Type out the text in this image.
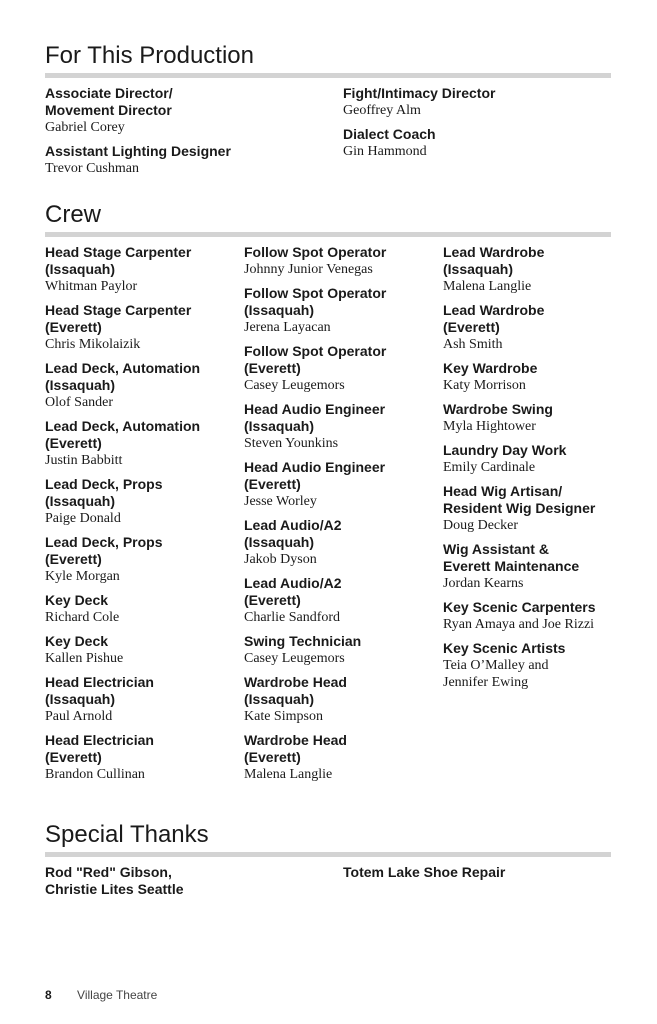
For This Production
Associate Director/
Movement Director
Gabriel Corey
Assistant Lighting Designer
Trevor Cushman
Fight/Intimacy Director
Geoffrey Alm
Dialect Coach
Gin Hammond
Crew
Head Stage Carpenter
(Issaquah)
Whitman Paylor
Head Stage Carpenter
(Everett)
Chris Mikolaizik
Lead Deck, Automation
(Issaquah)
Olof Sander
Lead Deck, Automation
(Everett)
Justin Babbitt
Lead Deck, Props
(Issaquah)
Paige Donald
Lead Deck, Props
(Everett)
Kyle Morgan
Key Deck
Richard Cole
Key Deck
Kallen Pishue
Head Electrician
(Issaquah)
Paul Arnold
Head Electrician
(Everett)
Brandon Cullinan
Follow Spot Operator
Johnny Junior Venegas
Follow Spot Operator
(Issaquah)
Jerena Layacan
Follow Spot Operator
(Everett)
Casey Leugemors
Head Audio Engineer
(Issaquah)
Steven Younkins
Head Audio Engineer
(Everett)
Jesse Worley
Lead Audio/A2
(Issaquah)
Jakob Dyson
Lead Audio/A2
(Everett)
Charlie Sandford
Swing Technician
Casey Leugemors
Wardrobe Head
(Issaquah)
Kate Simpson
Wardrobe Head
(Everett)
Malena Langlie
Lead Wardrobe
(Issaquah)
Malena Langlie
Lead Wardrobe
(Everett)
Ash Smith
Key Wardrobe
Katy Morrison
Wardrobe Swing
Myla Hightower
Laundry Day Work
Emily Cardinale
Head Wig Artisan/
Resident Wig Designer
Doug Decker
Wig Assistant &
Everett Maintenance
Jordan Kearns
Key Scenic Carpenters
Ryan Amaya and Joe Rizzi
Key Scenic Artists
Teia O’Malley and
Jennifer Ewing
Special Thanks
Rod "Red" Gibson,
Christie Lites Seattle
Totem Lake Shoe Repair
8 Village Theatre
